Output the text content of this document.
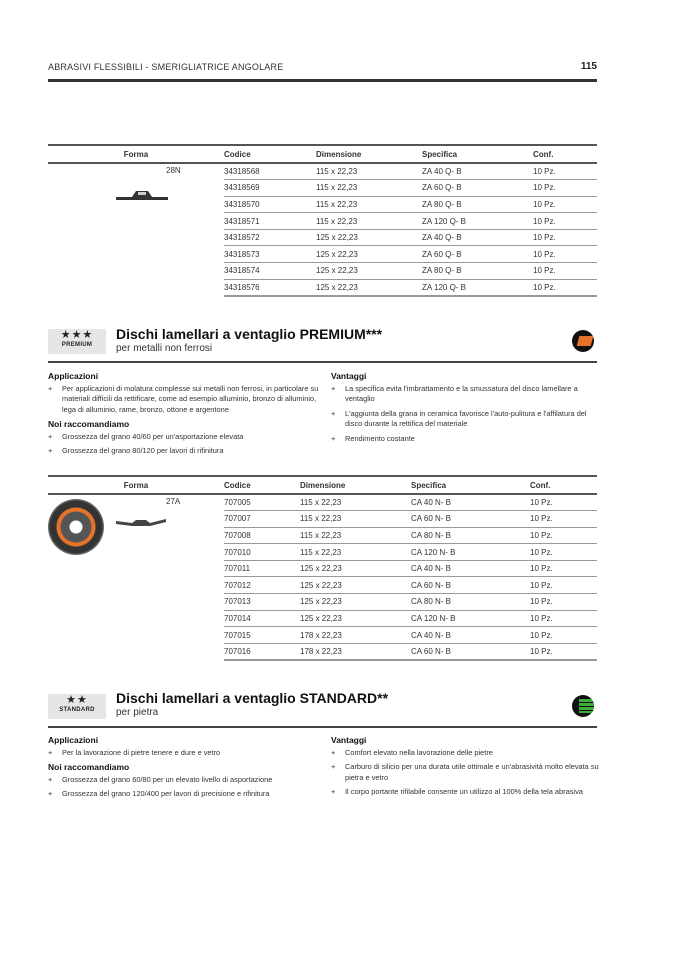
ABRASIVI FLESSIBILI - SMERIGLIATRICE ANGOLARE	115
Forma	Codice	Dimensione	Specifica	Conf.

28N	34318568	115 x 22,23	ZA 40 Q- B	10 Pz.
	34318569	115 x 22,23	ZA 60 Q- B	10 Pz.
	34318570	115 x 22,23	ZA 80 Q- B	10 Pz.
	34318571	115 x 22,23	ZA 120 Q- B	10 Pz.
	34318572	125 x 22,23	ZA 40 Q- B	10 Pz.
	34318573	125 x 22,23	ZA 60 Q- B	10 Pz.
	34318574	125 x 22,23	ZA 80 Q- B	10 Pz.
	34318576	125 x 22,23	ZA 120 Q- B	10 Pz.
★★★
PREMIUM
Dischi lamellari a ventaglio PREMIUM***
per metalli non ferrosi
Applicazioni
+ Per applicazioni di molatura complesse sui metalli non ferrosi, in particolare su materiali difficili da rettificare, come ad esempio alluminio, bronzo di alluminio, lega di alluminio, rame, bronzo, ottone e argentone
Noi raccomandiamo
+ Grossezza del grano 40/60 per un'asportazione elevata
+ Grossezza del grano 80/120 per lavori di rifinitura
Vantaggi
+ La specifica evita l'imbrattamento e la smussatura del disco lamellare a ventaglio
+ L'aggiunta della grana in ceramica favorisce l'auto-pulitura e l'affilatura del disco durante la rettifica del materiale
+ Rendimento costante
Forma	Codice	Dimensione	Specifica	Conf.

27A	707005	115 x 22,23	CA 40 N- B	10 Pz.
	707007	115 x 22,23	CA 60 N- B	10 Pz.
	707008	115 x 22,23	CA 80 N- B	10 Pz.
	707010	115 x 22,23	CA 120 N- B	10 Pz.
	707011	125 x 22,23	CA 40 N- B	10 Pz.
	707012	125 x 22,23	CA 60 N- B	10 Pz.
	707013	125 x 22,23	CA 80 N- B	10 Pz.
	707014	125 x 22,23	CA 120 N- B	10 Pz.
	707015	178 x 22,23	CA 40 N- B	10 Pz.
	707016	178 x 22,23	CA 60 N- B	10 Pz.
★★
STANDARD
Dischi lamellari a ventaglio STANDARD**
per pietra
Applicazioni
+ Per la lavorazione di pietre tenere e dure e vetro
Noi raccomandiamo
+ Grossezza del grano 60/80 per un elevato livello di asportazione
+ Grossezza del grano 120/400 per lavori di precisione e rifinitura
Vantaggi
+ Comfort elevato nella lavorazione delle pietre
+ Carburo di silicio per una durata utile ottimale e un'abrasività molto elevata su pietra e vetro
+ Il corpo portante rifilabile consente un utilizzo al 100% della tela abrasiva
